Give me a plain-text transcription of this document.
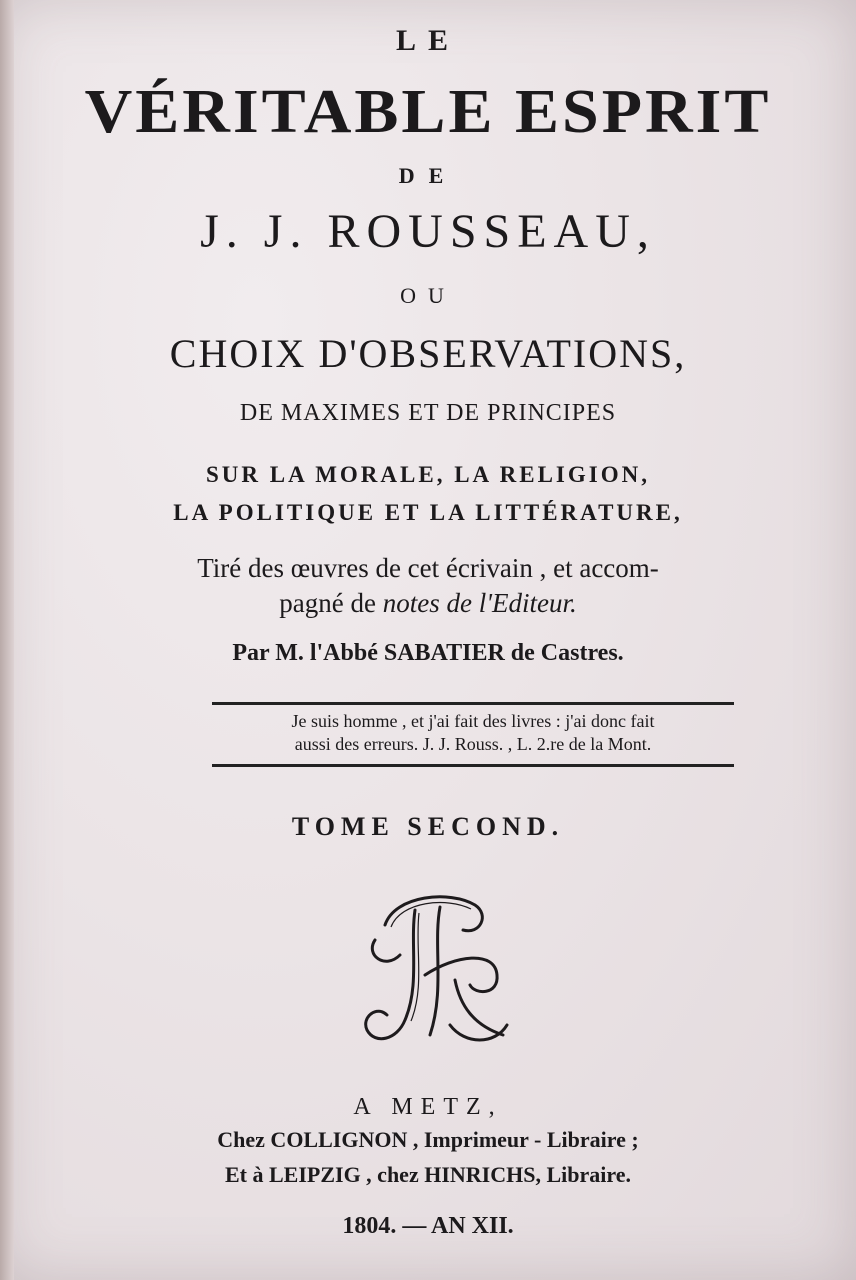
LE
VÉRITABLE ESPRIT
DE
J. J. ROUSSEAU,
OU
CHOIX D'OBSERVATIONS,
DE MAXIMES ET DE PRINCIPES
SUR LA MORALE, LA RELIGION,
LA POLITIQUE ET LA LITTÉRATURE,
Tiré des œuvres de cet écrivain , et accom-
pagné de notes de l'Editeur.
Par M. l'Abbé SABATIER de Castres.
Je suis homme , et j'ai fait des livres : j'ai donc fait
aussi des erreurs. J. J. Rouss. , L. 2.re de la Mont.
TOME SECOND.
A METZ,
Chez COLLIGNON , Imprimeur - Libraire ;
Et à LEIPZIG , chez HINRICHS, Libraire.
1804. — AN XII.
